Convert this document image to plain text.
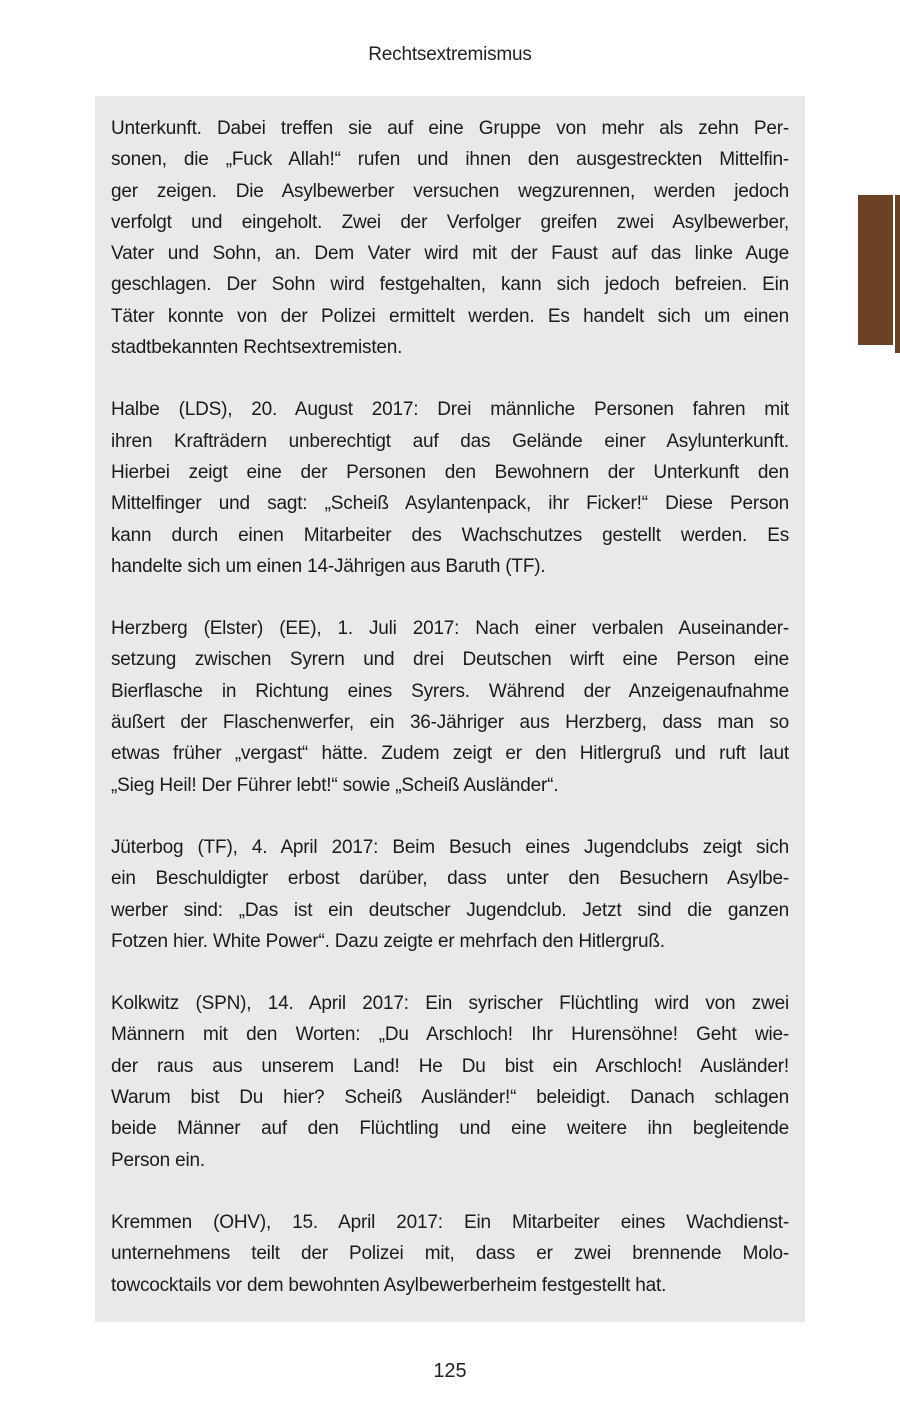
Rechtsextremismus
Unterkunft. Dabei treffen sie auf eine Gruppe von mehr als zehn Per-
sonen, die „Fuck Allah!“ rufen und ihnen den ausgestreckten Mittelfin-
ger zeigen. Die Asylbewerber versuchen wegzurennen, werden jedoch
verfolgt und eingeholt. Zwei der Verfolger greifen zwei Asylbewerber,
Vater und Sohn, an. Dem Vater wird mit der Faust auf das linke Auge
geschlagen. Der Sohn wird festgehalten, kann sich jedoch befreien. Ein
Täter konnte von der Polizei ermittelt werden. Es handelt sich um einen
stadtbekannten Rechtsextremisten.
Halbe (LDS), 20. August 2017: Drei männliche Personen fahren mit
ihren Krafträdern unberechtigt auf das Gelände einer Asylunterkunft.
Hierbei zeigt eine der Personen den Bewohnern der Unterkunft den
Mittelfinger und sagt: „Scheiß Asylantenpack, ihr Ficker!“ Diese Person
kann durch einen Mitarbeiter des Wachschutzes gestellt werden. Es
handelte sich um einen 14-Jährigen aus Baruth (TF).
Herzberg (Elster) (EE), 1. Juli 2017: Nach einer verbalen Auseinander-
setzung zwischen Syrern und drei Deutschen wirft eine Person eine
Bierflasche in Richtung eines Syrers. Während der Anzeigenaufnahme
äußert der Flaschenwerfer, ein 36-Jähriger aus Herzberg, dass man so
etwas früher „vergast“ hätte. Zudem zeigt er den Hitlergruß und ruft laut
„Sieg Heil! Der Führer lebt!“ sowie „Scheiß Ausländer“.
Jüterbog (TF), 4. April 2017: Beim Besuch eines Jugendclubs zeigt sich
ein Beschuldigter erbost darüber, dass unter den Besuchern Asylbe-
werber sind: „Das ist ein deutscher Jugendclub. Jetzt sind die ganzen
Fotzen hier. White Power“. Dazu zeigte er mehrfach den Hitlergruß.
Kolkwitz (SPN), 14. April 2017: Ein syrischer Flüchtling wird von zwei
Männern mit den Worten: „Du Arschloch! Ihr Hurensöhne! Geht wie-
der raus aus unserem Land! He Du bist ein Arschloch! Ausländer!
Warum bist Du hier? Scheiß Ausländer!“ beleidigt. Danach schlagen
beide Männer auf den Flüchtling und eine weitere ihn begleitende
Person ein.
Kremmen (OHV), 15. April 2017: Ein Mitarbeiter eines Wachdienst-
unternehmens teilt der Polizei mit, dass er zwei brennende Molo-
towcocktails vor dem bewohnten Asylbewerberheim festgestellt hat.
125
